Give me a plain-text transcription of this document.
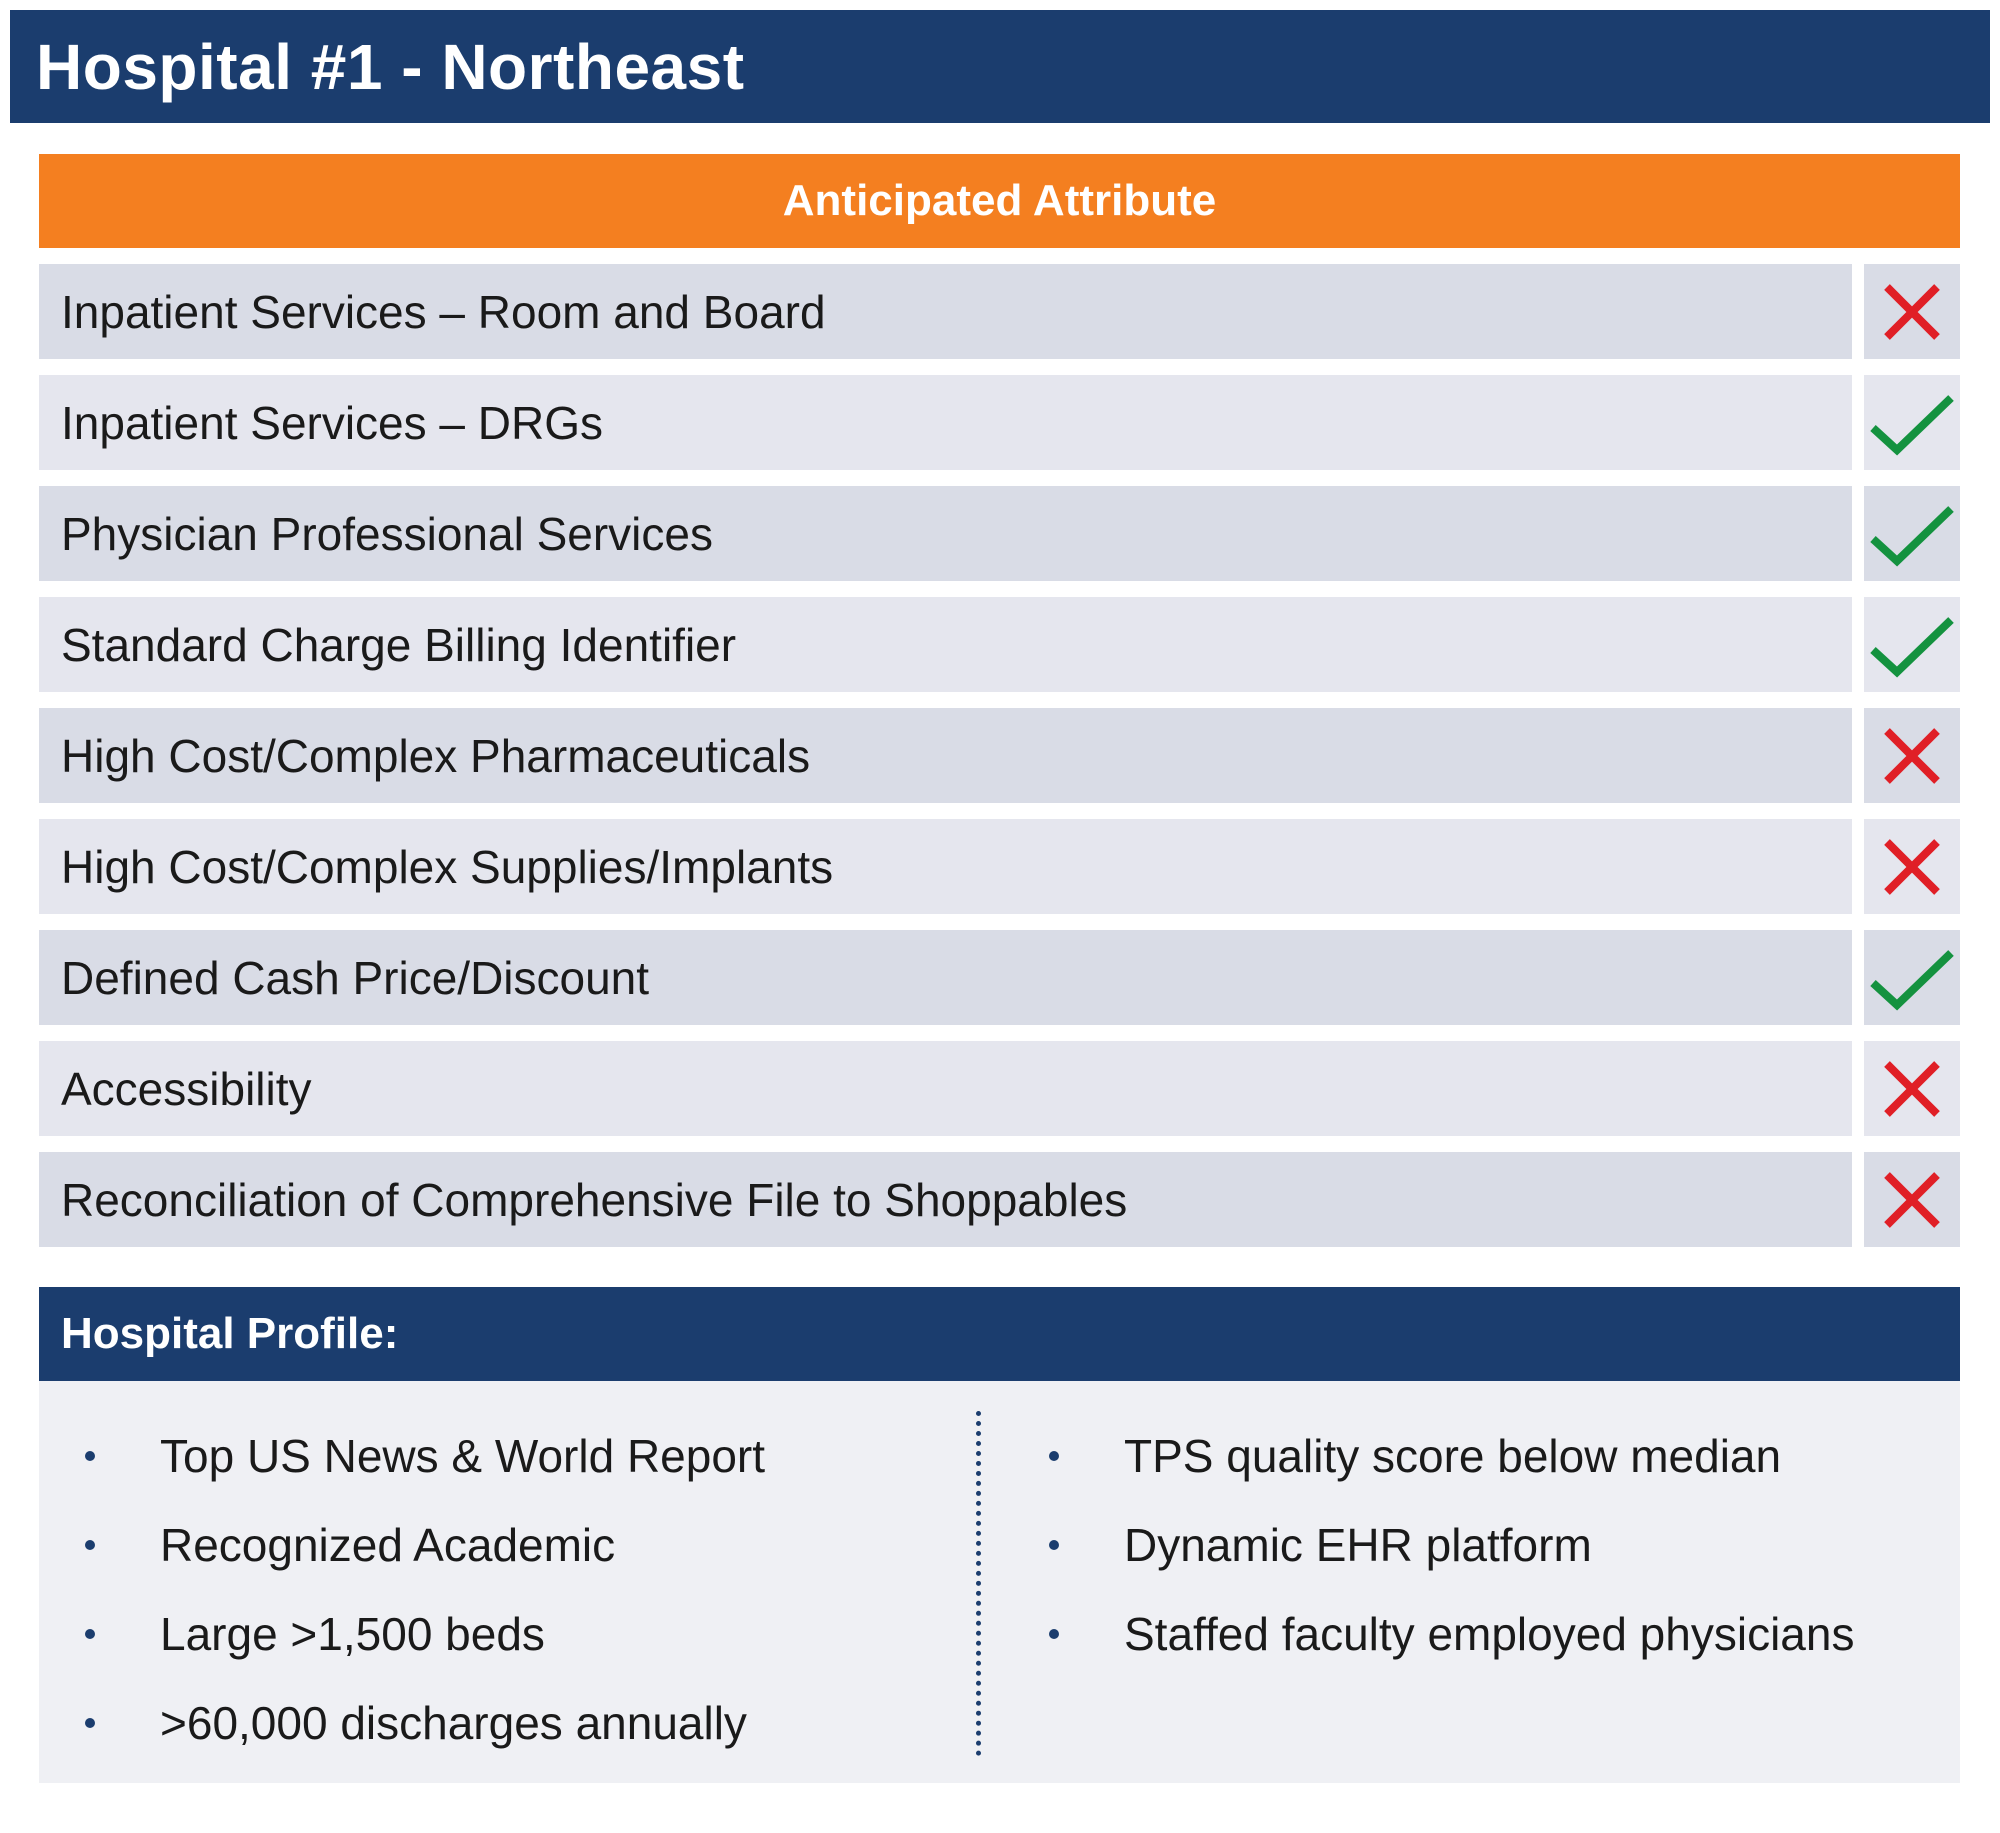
Hospital #1 - Northeast
Anticipated Attribute
Inpatient Services – Room and Board
Inpatient Services – DRGs
Physician Professional Services
Standard Charge Billing Identifier
High Cost/Complex Pharmaceuticals
High Cost/Complex Supplies/Implants
Defined Cash Price/Discount
Accessibility
Reconciliation of Comprehensive File to Shoppables
Hospital Profile:
Top US News & World Report
Recognized Academic
Large >1,500 beds
>60,000 discharges annually
TPS quality score below median
Dynamic EHR platform
Staffed faculty employed physicians
